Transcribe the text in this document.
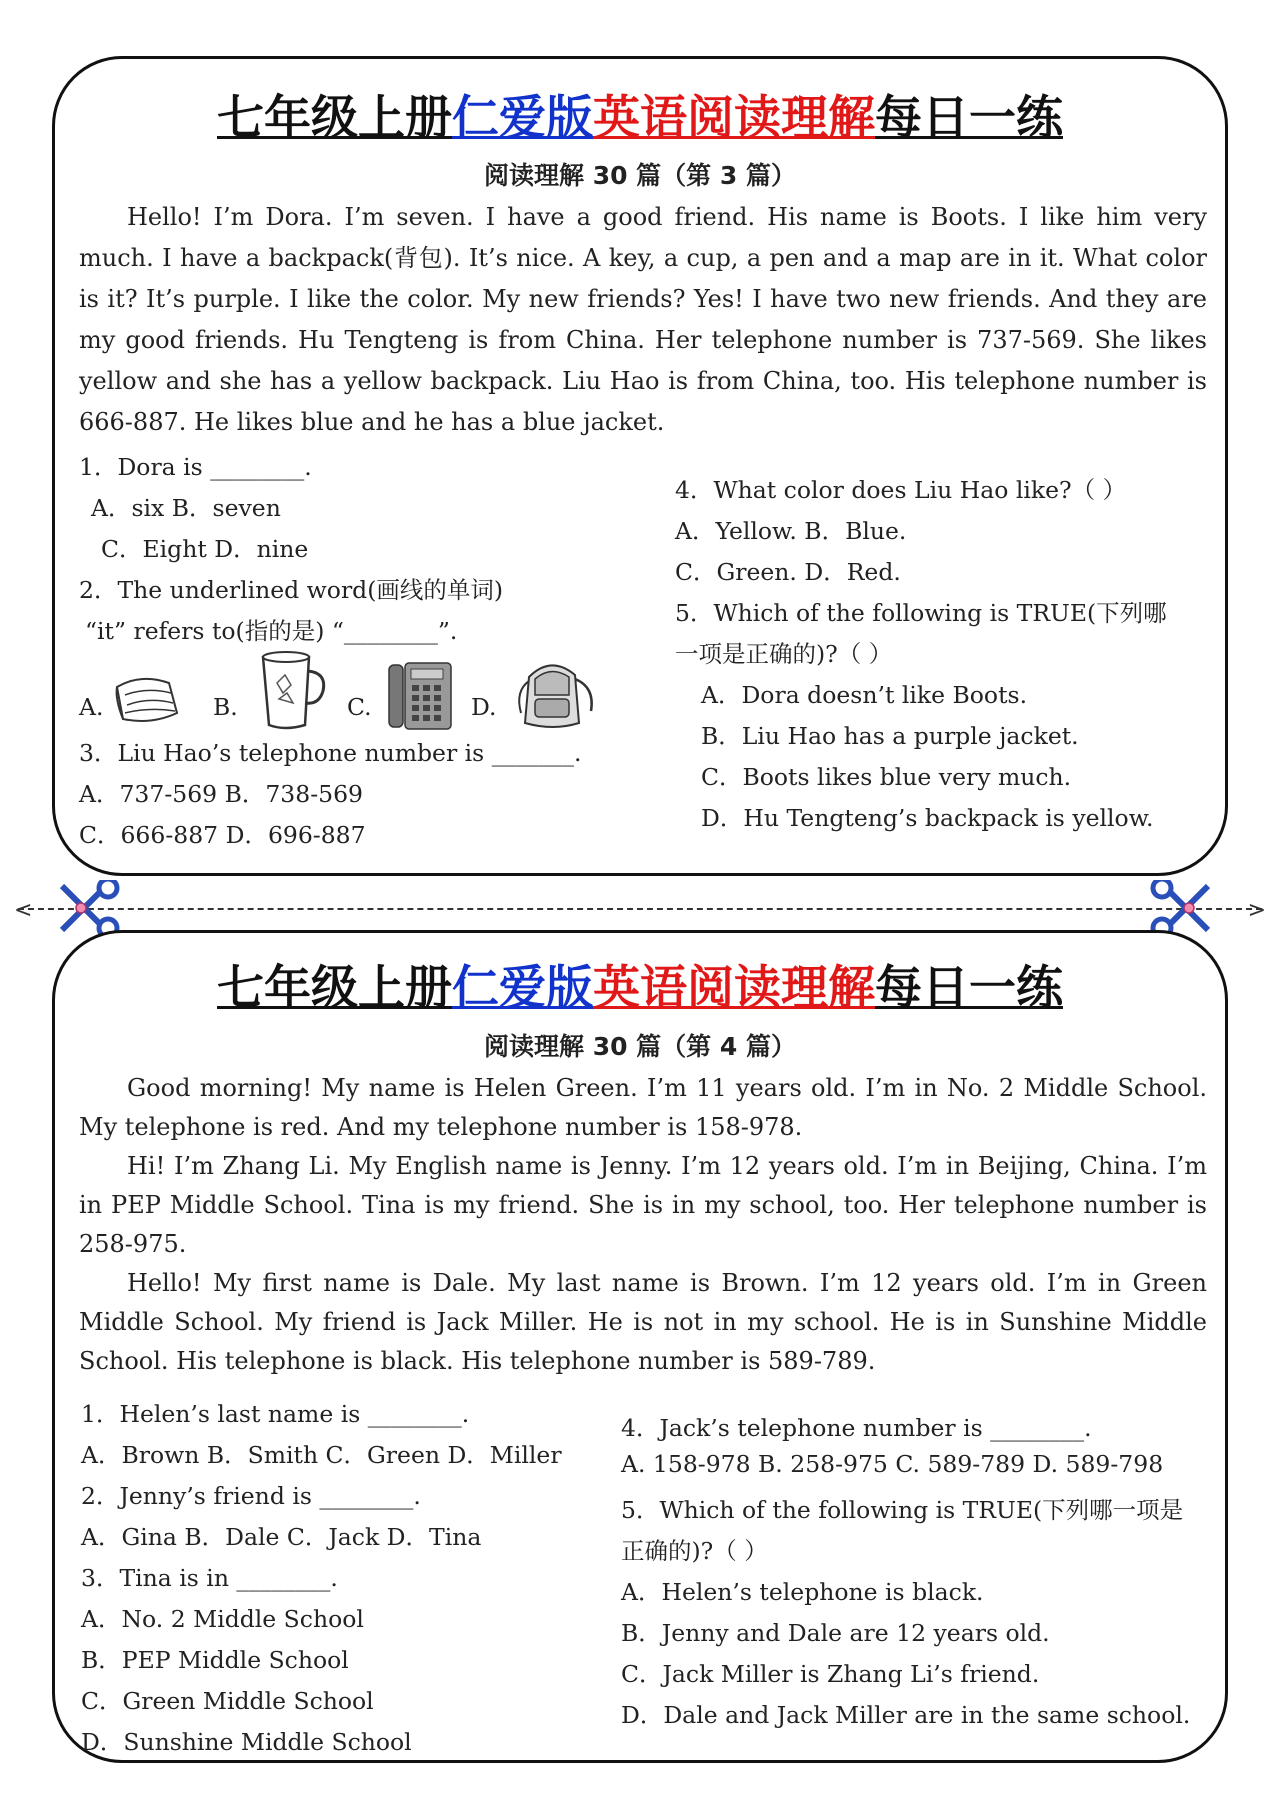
七年级上册仁爱版英语阅读理解每日一练
阅读理解 30 篇（第 3 篇）

Hello! I’m Dora. I’m seven. I have a good friend. His name is Boots. I like him very much. I have a backpack(背包). It’s nice. A key, a cup, a pen and a map are in it. What color is it? It’s purple. I like the color. My new friends? Yes! I have two new friends. And they are my good friends. Hu Tengteng is from China. Her telephone number is 737-569. She likes yellow and she has a yellow backpack. Liu Hao is from China, too. His telephone number is 666-887. He likes blue and he has a blue jacket.

1．Dora is ________.
A．six B．seven
C．Eight D．nine
2．The underlined word(画线的单词)
“it” refers to(指的是) “________”.
A.	B.	C.	D.
3．Liu Hao’s telephone number is _______.
A．737-569 B．738-569
C．666-887 D．696-887
4．What color does Liu Hao like?（ ）
A．Yellow. B．Blue.
C．Green. D．Red.
5．Which of the following is TRUE(下列哪
一项是正确的)?（ ）
A．Dora doesn’t like Boots.
B．Liu Hao has a purple jacket.
C．Boots likes blue very much.
D．Hu Tengteng’s backpack is yellow.
<	>
七年级上册仁爱版英语阅读理解每日一练
阅读理解 30 篇（第 4 篇）

Good morning! My name is Helen Green. I’m 11 years old. I’m in No. 2 Middle School. My telephone is red. And my telephone number is 158-978.

Hi! I’m Zhang Li. My English name is Jenny. I’m 12 years old. I’m in Beijing, China. I’m in PEP Middle School. Tina is my friend. She is in my school, too. Her telephone number is 258-975.

Hello! My first name is Dale. My last name is Brown. I’m 12 years old. I’m in Green Middle School. My friend is Jack Miller. He is not in my school. He is in Sunshine Middle School. His telephone is black. His telephone number is 589-789.

1．Helen’s last name is ________.
A．Brown B．Smith C．Green D．Miller
2．Jenny’s friend is ________.
A．Gina B．Dale C．Jack D．Tina
3．Tina is in ________.
A．No. 2 Middle School
B．PEP Middle School
C．Green Middle School
D．Sunshine Middle School
4．Jack’s telephone number is ________.
A. 158-978 B. 258-975 C. 589-789 D. 589-798
5．Which of the following is TRUE(下列哪一项是
正确的)?（ ）
A．Helen’s telephone is black.
B．Jenny and Dale are 12 years old.
C．Jack Miller is Zhang Li’s friend.
D．Dale and Jack Miller are in the same school.
